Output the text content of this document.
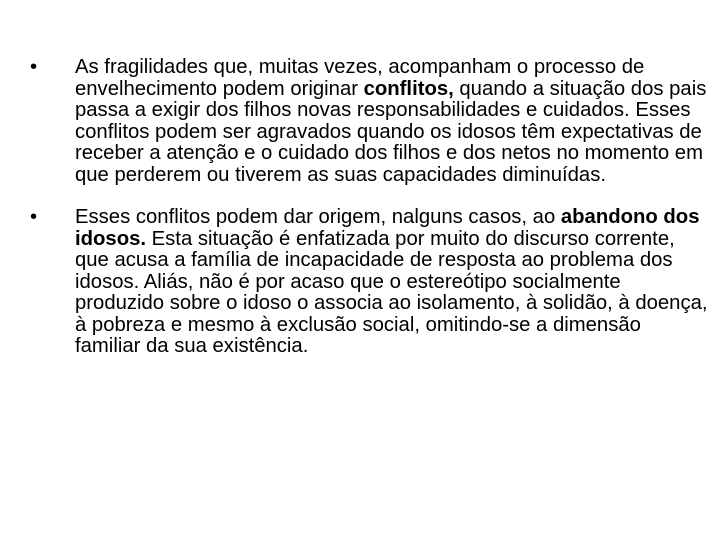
•	As fragilidades que, muitas vezes, acompanham o processo de envelhecimento podem originar conflitos, quando a situação dos pais passa a exigir dos filhos novas responsabilidades e cuidados. Esses conflitos podem ser agravados quando os idosos têm expectativas de receber a atenção e o cuidado dos filhos e dos netos no momento em que perderem ou tiverem as suas capacidades diminuídas.
•	Esses conflitos podem dar origem, nalguns casos, ao abandono dos idosos. Esta situação é enfatizada por muito do discurso corrente, que acusa a família de incapacidade de resposta ao problema dos idosos. Aliás, não é por acaso que o estereótipo socialmente produzido sobre o idoso o associa ao isolamento, à solidão, à doença, à pobreza e mesmo à exclusão social, omitindo-se a dimensão familiar da sua existência.
